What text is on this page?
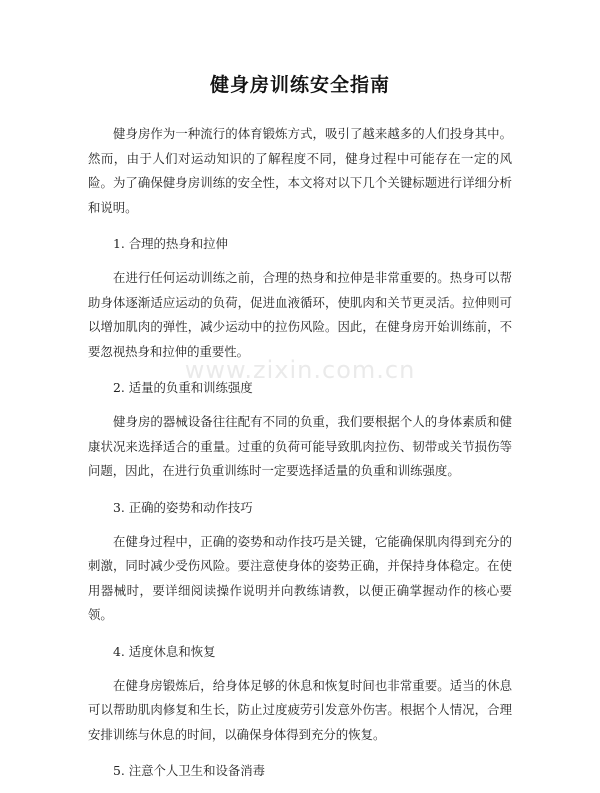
健身房训练安全指南

健身房作为一种流行的体育锻炼方式，吸引了越来越多的人们投身其中。然而，由于人们对运动知识的了解程度不同，健身过程中可能存在一定的风险。为了确保健身房训练的安全性，本文将对以下几个关键标题进行详细分析和说明。

1. 合理的热身和拉伸

在进行任何运动训练之前，合理的热身和拉伸是非常重要的。热身可以帮助身体逐渐适应运动的负荷，促进血液循环，使肌肉和关节更灵活。拉伸则可以增加肌肉的弹性，减少运动中的拉伤风险。因此，在健身房开始训练前，不要忽视热身和拉伸的重要性。

2. 适量的负重和训练强度

健身房的器械设备往往配有不同的负重，我们要根据个人的身体素质和健康状况来选择适合的重量。过重的负荷可能导致肌肉拉伤、韧带或关节损伤等问题，因此，在进行负重训练时一定要选择适量的负重和训练强度。

3. 正确的姿势和动作技巧

在健身过程中，正确的姿势和动作技巧是关键，它能确保肌肉得到充分的刺激，同时减少受伤风险。要注意使身体的姿势正确，并保持身体稳定。在使用器械时，要详细阅读操作说明并向教练请教，以便正确掌握动作的核心要领。

4. 适度休息和恢复

在健身房锻炼后，给身体足够的休息和恢复时间也非常重要。适当的休息可以帮助肌肉修复和生长，防止过度疲劳引发意外伤害。根据个人情况，合理安排训练与休息的时间，以确保身体得到充分的恢复。

5. 注意个人卫生和设备消毒

www.zixin.com.cn
